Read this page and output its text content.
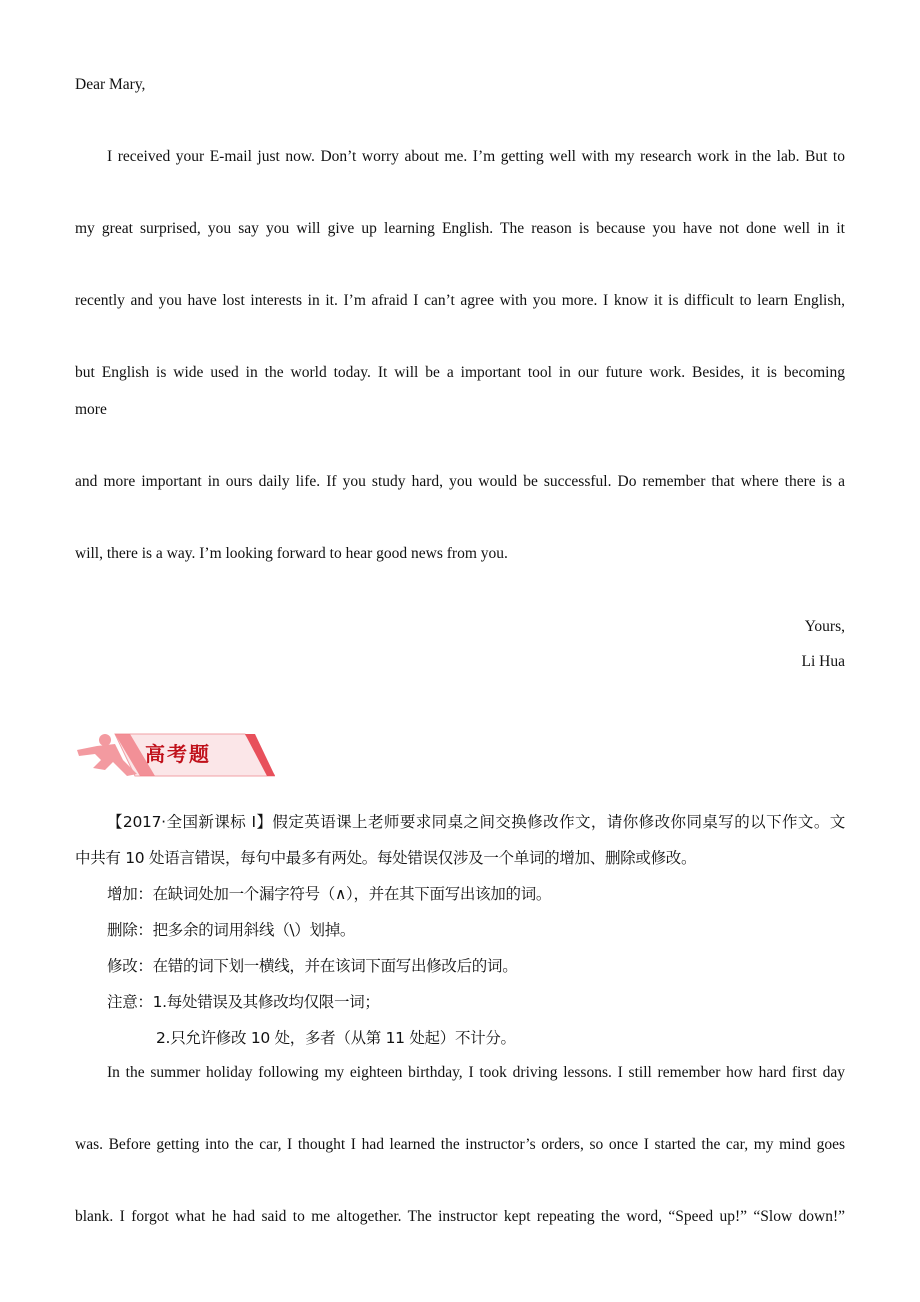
Dear Mary,
I received your E-mail just now. Don’t worry about me. I’m getting well with my research work in the lab. But to
my great surprised, you say you will give up learning English. The reason is because you have not done well in it
recently and you have lost interests in it. I’m afraid I can’t agree with you more. I know it is difficult to learn English,
but English is wide used in the world today. It will be a important tool in our future work. Besides, it is becoming
more
and more important in ours daily life. If you study hard, you would be successful. Do remember that where there is a
will, there is a way. I’m looking forward to hear good news from you.
Yours,
Li Hua
高考题
【2017·全国新课标 I】假定英语课上老师要求同桌之间交换修改作文，请你修改你同桌写的以下作文。文
中共有 10 处语言错误，每句中最多有两处。每处错误仅涉及一个单词的增加、删除或修改。
增加：在缺词处加一个漏字符号（∧），并在其下面写出该加的词。
删除：把多余的词用斜线（\）划掉。
修改：在错的词下划一横线，并在该词下面写出修改后的词。
注意：1.每处错误及其修改均仅限一词；
2.只允许修改 10 处，多者（从第 11 处起）不计分。
In the summer holiday following my eighteen birthday, I took driving lessons. I still remember how hard first day
was. Before getting into the car, I thought I had learned the instructor’s orders, so once I started the car, my mind goes
blank. I forgot what he had said to me altogether. The instructor kept repeating the word, “Speed up!” “Slow down!”
